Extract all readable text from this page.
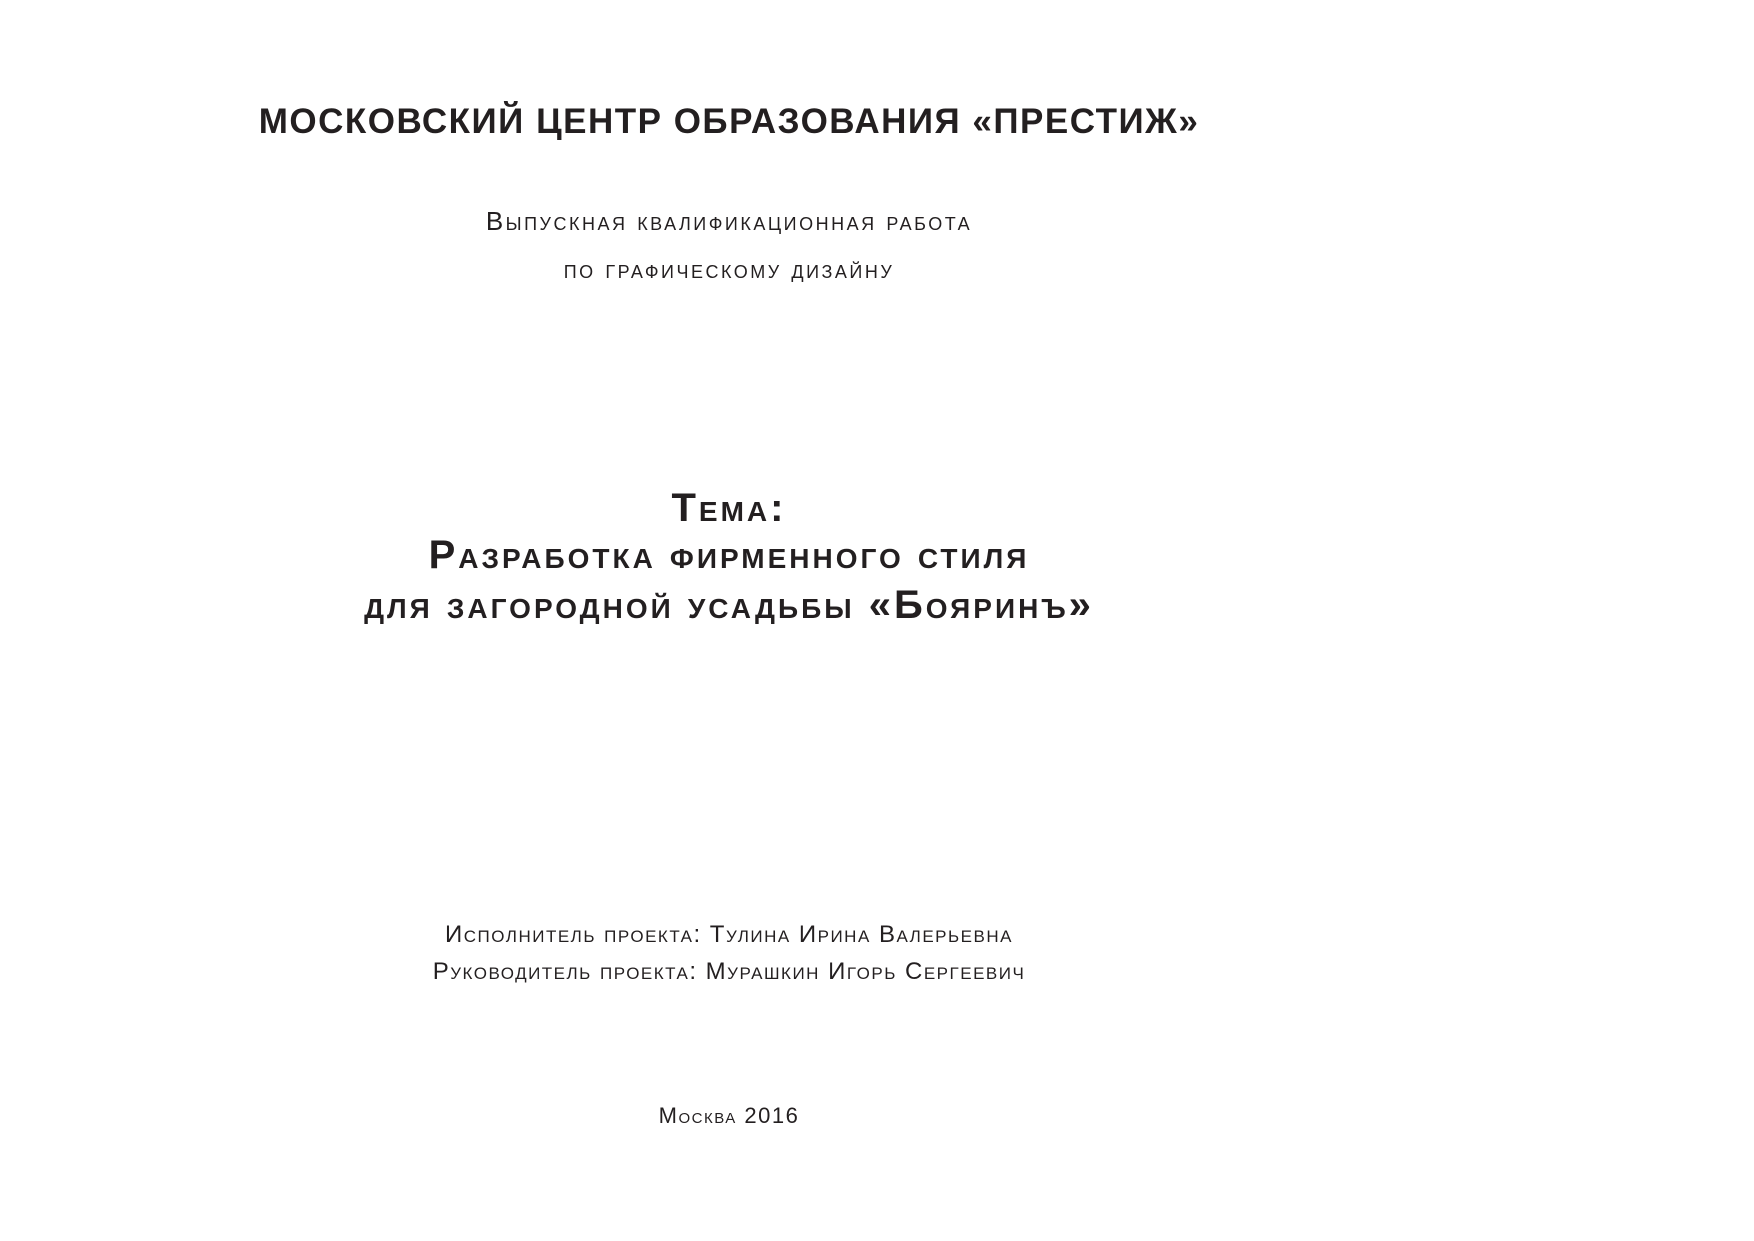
МОСКОВСКИЙ ЦЕНТР ОБРАЗОВАНИЯ «ПРЕСТИЖ»
Выпускная квалификационная работа
по графическому дизайну
Тема:
Разработка фирменного стиля
для загородной усадьбы «Бояринъ»
Исполнитель проекта: Тулина Ирина Валерьевна
Руководитель проекта: Мурашкин Игорь Сергеевич
Москва 2016
